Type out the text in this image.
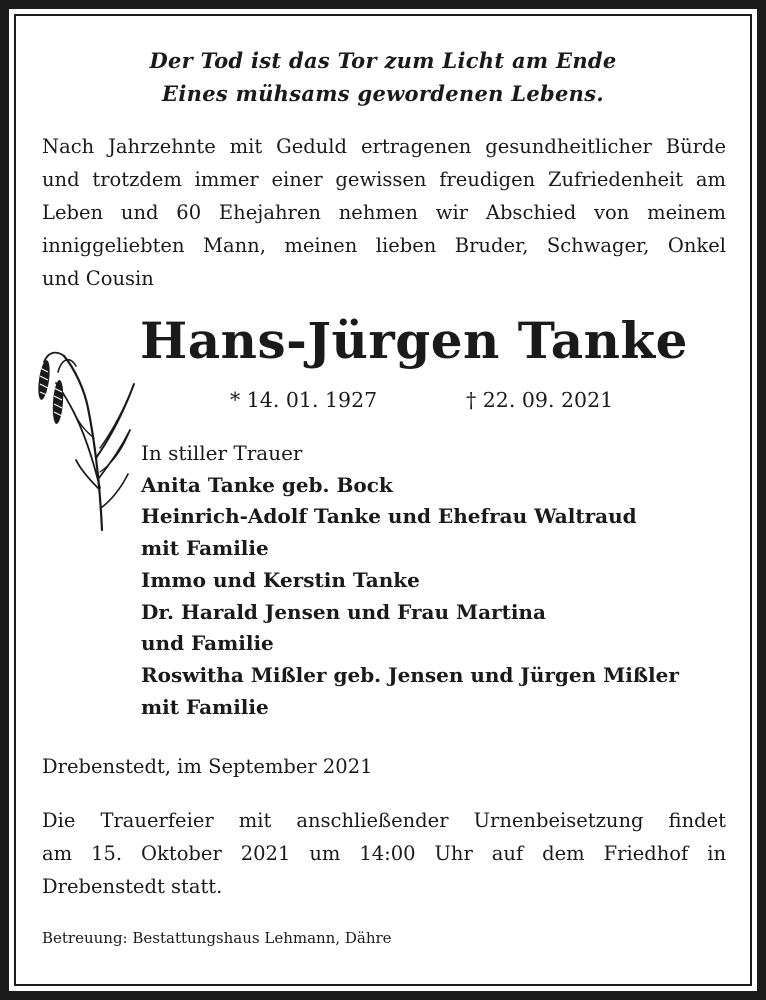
Der Tod ist das Tor zum Licht am Ende
Eines mühsams gewordenen Lebens.
Nach Jahrzehnte mit Geduld ertragenen gesundheitlicher Bürde
und trotzdem immer einer gewissen freudigen Zufriedenheit am
Leben und 60 Ehejahren nehmen wir Abschied von meinem
inniggeliebten Mann, meinen lieben Bruder, Schwager, Onkel
und Cousin
Hans-Jürgen Tanke
* 14. 01. 1927	† 22. 09. 2021
In stiller Trauer
Anita Tanke geb. Bock
Heinrich-Adolf Tanke und Ehefrau Waltraud
mit Familie
Immo und Kerstin Tanke
Dr. Harald Jensen und Frau Martina
und Familie
Roswitha Mißler geb. Jensen und Jürgen Mißler
mit Familie
Drebenstedt, im September 2021
Die Trauerfeier mit anschließender Urnenbeisetzung findet
am 15. Oktober 2021 um 14:00 Uhr auf dem Friedhof in
Drebenstedt statt.
Betreuung: Bestattungshaus Lehmann, Dähre
